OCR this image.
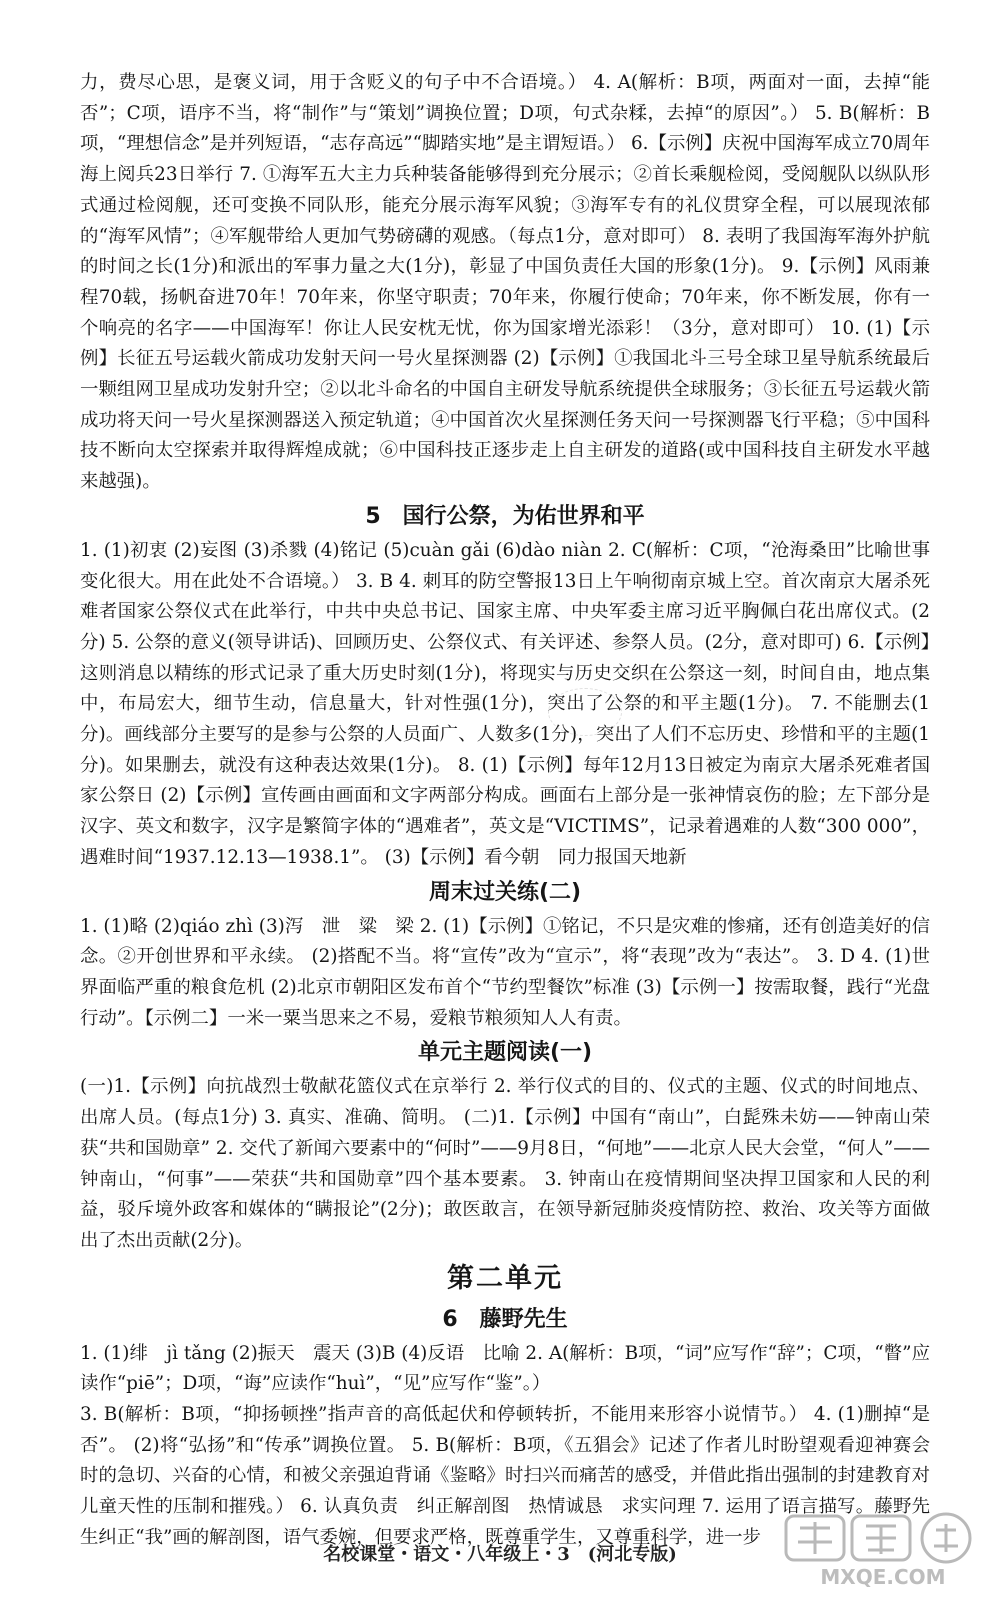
力，费尽心思，是褒义词，用于含贬义的句子中不合语境。） 4. A(解析：B项，两面对一面，去掉“能否”；C项，语序不当，将“制作”与“策划”调换位置；D项，句式杂糅，去掉“的原因”。） 5. B(解析：B项，“理想信念”是并列短语，“志存高远”“脚踏实地”是主谓短语。） 6.【示例】庆祝中国海军成立70周年海上阅兵23日举行 7. ①海军五大主力兵种装备能够得到充分展示；②首长乘舰检阅，受阅舰队以纵队形式通过检阅舰，还可变换不同队形，能充分展示海军风貌；③海军专有的礼仪贯穿全程，可以展现浓郁的“海军风情”；④军舰带给人更加气势磅礴的观感。（每点1分，意对即可） 8. 表明了我国海军海外护航的时间之长(1分)和派出的军事力量之大(1分)，彰显了中国负责任大国的形象(1分)。 9.【示例】风雨兼程70载，扬帆奋进70年！70年来，你坚守职责；70年来，你履行使命；70年来，你不断发展，你有一个响亮的名字——中国海军！你让人民安枕无忧，你为国家增光添彩！（3分，意对即可） 10. (1)【示例】长征五号运载火箭成功发射天问一号火星探测器 (2)【示例】①我国北斗三号全球卫星导航系统最后一颗组网卫星成功发射升空；②以北斗命名的中国自主研发导航系统提供全球服务；③长征五号运载火箭成功将天问一号火星探测器送入预定轨道；④中国首次火星探测任务天问一号探测器飞行平稳；⑤中国科技不断向太空探索并取得辉煌成就；⑥中国科技正逐步走上自主研发的道路(或中国科技自主研发水平越来越强)。

5　国行公祭，为佑世界和平

1. (1)初衷 (2)妄图 (3)杀戮 (4)铭记 (5)cuàn gǎi (6)dào niàn 2. C(解析：C项，“沧海桑田”比喻世事变化很大。用在此处不合语境。） 3. B 4. 刺耳的防空警报13日上午响彻南京城上空。首次南京大屠杀死难者国家公祭仪式在此举行，中共中央总书记、国家主席、中央军委主席习近平胸佩白花出席仪式。(2分) 5. 公祭的意义(领导讲话)、回顾历史、公祭仪式、有关评述、参祭人员。(2分，意对即可) 6.【示例】这则消息以精练的形式记录了重大历史时刻(1分)，将现实与历史交织在公祭这一刻，时间自由，地点集中，布局宏大，细节生动，信息量大，针对性强(1分)，突出了公祭的和平主题(1分)。 7. 不能删去(1分)。画线部分主要写的是参与公祭的人员面广、人数多(1分)，突出了人们不忘历史、珍惜和平的主题(1分)。如果删去，就没有这种表达效果(1分)。 8. (1)【示例】每年12月13日被定为南京大屠杀死难者国家公祭日 (2)【示例】宣传画由画面和文字两部分构成。画面右上部分是一张神情哀伤的脸；左下部分是汉字、英文和数字，汉字是繁简字体的“遇难者”，英文是“VICTIMS”，记录着遇难的人数“300 000”，遇难时间“1937.12.13—1938.1”。 (3)【示例】看今朝　同力报国天地新

周末过关练(二)

1. (1)略 (2)qiáo zhì (3)泻　泄　粱　梁 2. (1)【示例】①铭记，不只是灾难的惨痛，还有创造美好的信念。②开创世界和平永续。 (2)搭配不当。将“宣传”改为“宣示”，将“表现”改为“表达”。 3. D 4. (1)世界面临严重的粮食危机 (2)北京市朝阳区发布首个“节约型餐饮”标准 (3)【示例一】按需取餐，践行“光盘行动”。【示例二】一米一粟当思来之不易，爱粮节粮须知人人有责。

单元主题阅读(一)

(一)1.【示例】向抗战烈士敬献花篮仪式在京举行 2. 举行仪式的目的、仪式的主题、仪式的时间地点、出席人员。(每点1分) 3. 真实、准确、简明。 (二)1.【示例】中国有“南山”，白髭殊未妨——钟南山荣获“共和国勋章” 2. 交代了新闻六要素中的“何时”——9月8日，“何地”——北京人民大会堂，“何人”——钟南山，“何事”——荣获“共和国勋章”四个基本要素。 3. 钟南山在疫情期间坚决捍卫国家和人民的利益，驳斥境外政客和媒体的“瞒报论”(2分)；敢医敢言，在领导新冠肺炎疫情防控、救治、攻关等方面做出了杰出贡献(2分)。

第二单元
6　藤野先生

1. (1)绯　jì tǎng (2)振天　震天 (3)B (4)反语　比喻 2. A(解析：B项，“词”应写作“辞”；C项，“瞥”应读作“piē”；D项，“诲”应读作“huì”，“见”应写作“鉴”。）

3. B(解析：B项，“抑扬顿挫”指声音的高低起伏和停顿转折，不能用来形容小说情节。） 4. (1)删掉“是否”。 (2)将“弘扬”和“传承”调换位置。 5. B(解析：B项，《五猖会》记述了作者儿时盼望观看迎神赛会时的急切、兴奋的心情，和被父亲强迫背诵《鉴略》时扫兴而痛苦的感受，并借此指出强制的封建教育对儿童天性的压制和摧残。） 6. 认真负责　纠正解剖图　热情诚恳　求实问理 7. 运用了语言描写。藤野先生纠正“我”画的解剖图，语气委婉，但要求严格，既尊重学生，又尊重科学，进一步

名校课堂・语文・八年级上・3　(河北专版)
MXQE.COM
